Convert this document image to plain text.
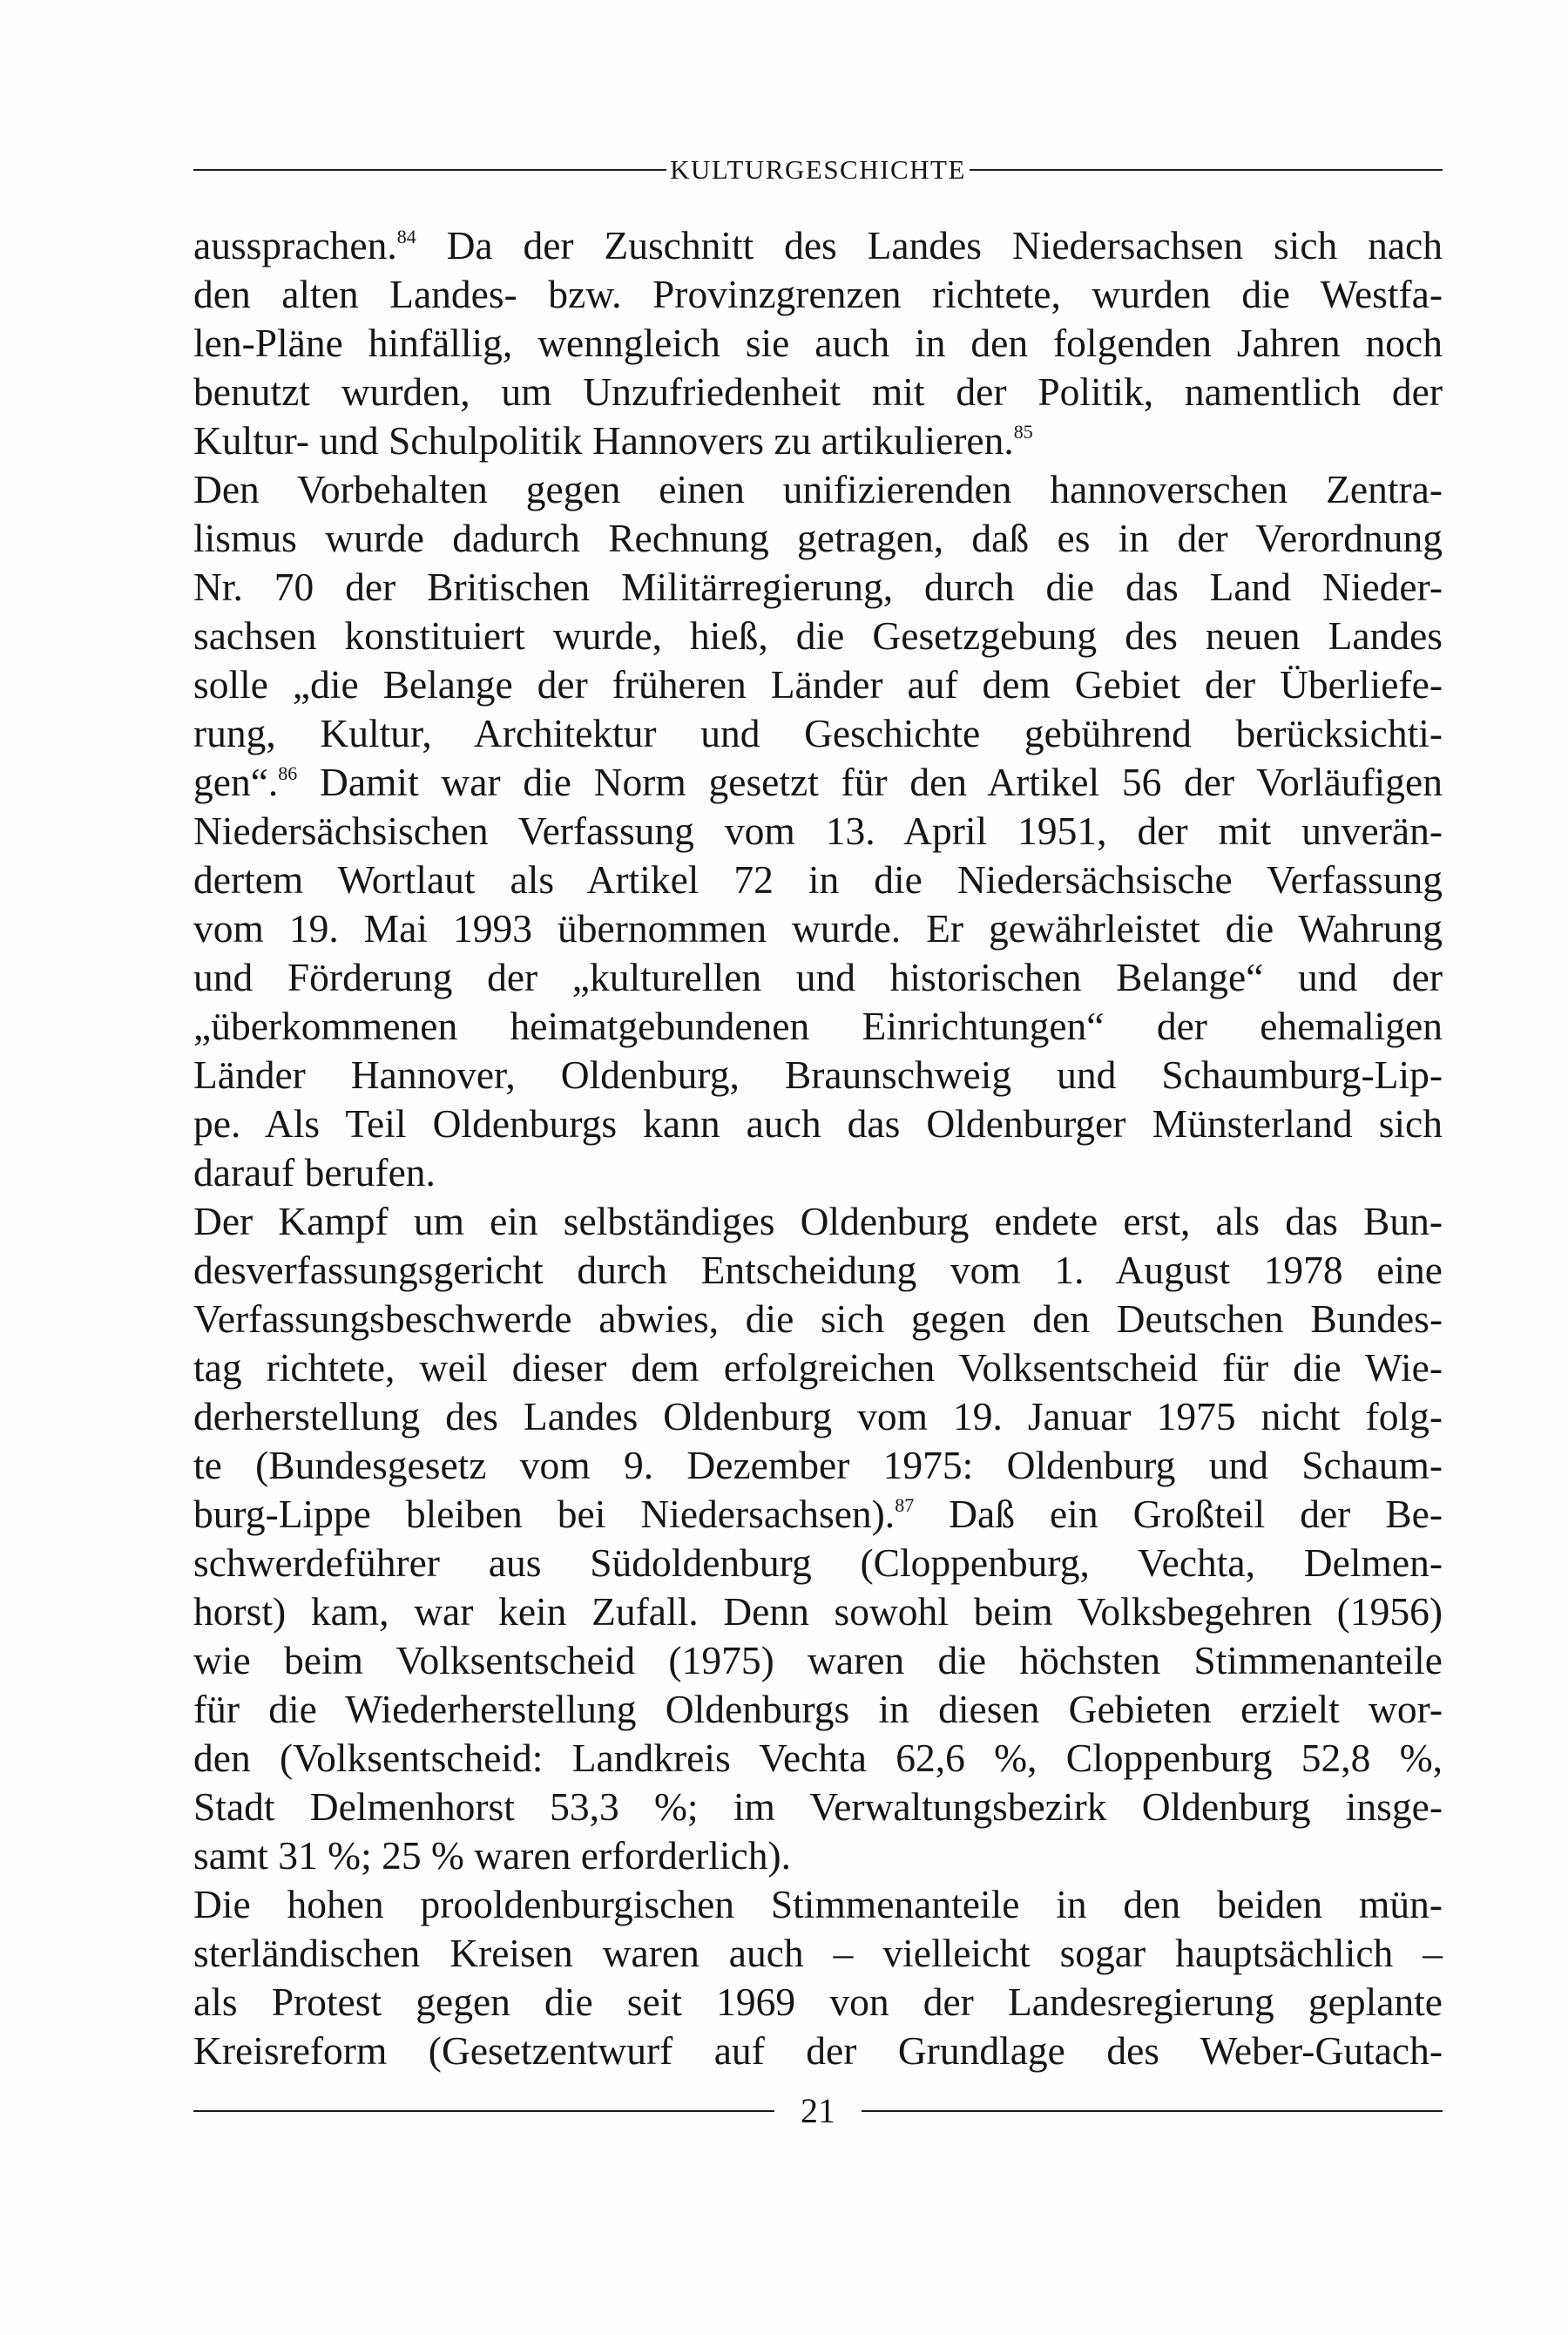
KULTURGESCHICHTE
aussprachen.$^{84}$ Da der Zuschnitt des Landes Niedersachsen sich nach
den alten Landes- bzw. Provinzgrenzen richtete, wurden die Westfa-
len-Pläne hinfällig, wenngleich sie auch in den folgenden Jahren noch
benutzt wurden, um Unzufriedenheit mit der Politik, namentlich der
Kultur- und Schulpolitik Hannovers zu artikulieren.$^{85}$
Den Vorbehalten gegen einen unifizierenden hannoverschen Zentra-
lismus wurde dadurch Rechnung getragen, daß es in der Verordnung
Nr. 70 der Britischen Militärregierung, durch die das Land Nieder-
sachsen konstituiert wurde, hieß, die Gesetzgebung des neuen Landes
solle „die Belange der früheren Länder auf dem Gebiet der Überliefe-
rung, Kultur, Architektur und Geschichte gebührend berücksichti-
gen“.$^{86}$ Damit war die Norm gesetzt für den Artikel 56 der Vorläufigen
Niedersächsischen Verfassung vom 13. April 1951, der mit unverän-
dertem Wortlaut als Artikel 72 in die Niedersächsische Verfassung
vom 19. Mai 1993 übernommen wurde. Er gewährleistet die Wahrung
und Förderung der „kulturellen und historischen Belange“ und der
„überkommenen heimatgebundenen Einrichtungen“ der ehemaligen
Länder Hannover, Oldenburg, Braunschweig und Schaumburg-Lip-
pe. Als Teil Oldenburgs kann auch das Oldenburger Münsterland sich
darauf berufen.
Der Kampf um ein selbständiges Oldenburg endete erst, als das Bun-
desverfassungsgericht durch Entscheidung vom 1. August 1978 eine
Verfassungsbeschwerde abwies, die sich gegen den Deutschen Bundes-
tag richtete, weil dieser dem erfolgreichen Volksentscheid für die Wie-
derherstellung des Landes Oldenburg vom 19. Januar 1975 nicht folg-
te (Bundesgesetz vom 9. Dezember 1975: Oldenburg und Schaum-
burg-Lippe bleiben bei Niedersachsen).$^{87}$ Daß ein Großteil der Be-
schwerdeführer aus Südoldenburg (Cloppenburg, Vechta, Delmen-
horst) kam, war kein Zufall. Denn sowohl beim Volksbegehren (1956)
wie beim Volksentscheid (1975) waren die höchsten Stimmenanteile
für die Wiederherstellung Oldenburgs in diesen Gebieten erzielt wor-
den (Volksentscheid: Landkreis Vechta 62,6 %, Cloppenburg 52,8 %,
Stadt Delmenhorst 53,3 %; im Verwaltungsbezirk Oldenburg insge-
samt 31 %; 25 % waren erforderlich).
Die hohen prooldenburgischen Stimmenanteile in den beiden mün-
sterländischen Kreisen waren auch – vielleicht sogar hauptsächlich –
als Protest gegen die seit 1969 von der Landesregierung geplante
Kreisreform (Gesetzentwurf auf der Grundlage des Weber-Gutach-
21
